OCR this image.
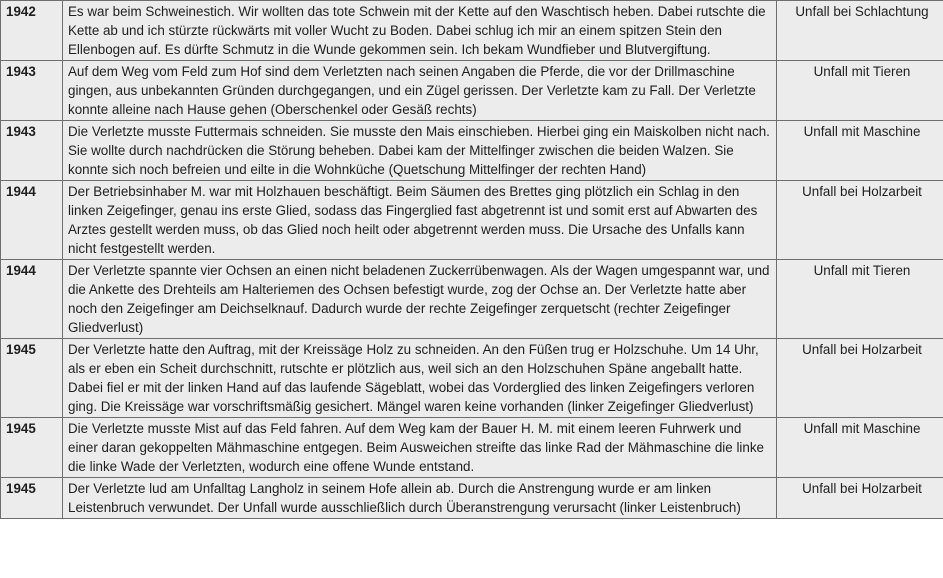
1942	Es war beim Schweinestich. Wir wollten das tote Schwein mit der Kette auf den Waschtisch heben. Dabei rutschte die Kette ab und ich stürzte rückwärts mit voller Wucht zu Boden. Dabei schlug ich mir an einem spitzen Stein den Ellenbogen auf. Es dürfte Schmutz in die Wunde gekommen sein. Ich bekam Wundfieber und Blutvergiftung.	Unfall bei Schlachtung
1943	Auf dem Weg vom Feld zum Hof sind dem Verletzten nach seinen Angaben die Pferde, die vor der Drillmaschine gingen, aus unbekannten Gründen durchgegangen, und ein Zügel gerissen. Der Verletzte kam zu Fall. Der Verletzte konnte alleine nach Hause gehen (Oberschenkel oder Gesäß rechts)	Unfall mit Tieren
1943	Die Verletzte musste Futtermais schneiden. Sie musste den Mais einschieben. Hierbei ging ein Maiskolben nicht nach. Sie wollte durch nachdrücken die Störung beheben. Dabei kam der Mittelfinger zwischen die beiden Walzen. Sie konnte sich noch befreien und eilte in die Wohnküche (Quetschung Mittelfinger der rechten Hand)	Unfall mit Maschine
1944	Der Betriebsinhaber M. war mit Holzhauen beschäftigt. Beim Säumen des Brettes ging plötzlich ein Schlag in den linken Zeigefinger, genau ins erste Glied, sodass das Fingerglied fast abgetrennt ist und somit erst auf Abwarten des Arztes gestellt werden muss, ob das Glied noch heilt oder abgetrennt werden muss. Die Ursache des Unfalls kann nicht festgestellt werden.	Unfall bei Holzarbeit
1944	Der Verletzte spannte vier Ochsen an einen nicht beladenen Zuckerrübenwagen. Als der Wagen umgespannt war, und die Ankette des Drehteils am Halteriemen des Ochsen befestigt wurde, zog der Ochse an. Der Verletzte hatte aber noch den Zeigefinger am Deichselknauf. Dadurch wurde der rechte Zeigefinger zerquetscht (rechter Zeigefinger Gliedverlust)	Unfall mit Tieren
1945	Der Verletzte hatte den Auftrag, mit der Kreissäge Holz zu schneiden. An den Füßen trug er Holzschuhe. Um 14 Uhr, als er eben ein Scheit durchschnitt, rutschte er plötzlich aus, weil sich an den Holzschuhen Späne angeballt hatte. Dabei fiel er mit der linken Hand auf das laufende Sägeblatt, wobei das Vorderglied des linken Zeigefingers verloren ging. Die Kreissäge war vorschriftsmäßig gesichert. Mängel waren keine vorhanden (linker Zeigefinger Gliedverlust)	Unfall bei Holzarbeit
1945	Die Verletzte musste Mist auf das Feld fahren. Auf dem Weg kam der Bauer H. M. mit einem leeren Fuhrwerk und einer daran gekoppelten Mähmaschine entgegen. Beim Ausweichen streifte das linke Rad der Mähmaschine die linke die linke Wade der Verletzten, wodurch eine offene Wunde entstand.	Unfall mit Maschine
1945	Der Verletzte lud am Unfalltag Langholz in seinem Hofe allein ab. Durch die Anstrengung wurde er am linken Leistenbruch verwundet. Der Unfall wurde ausschließlich durch Überanstrengung verursacht (linker Leistenbruch)	Unfall bei Holzarbeit
